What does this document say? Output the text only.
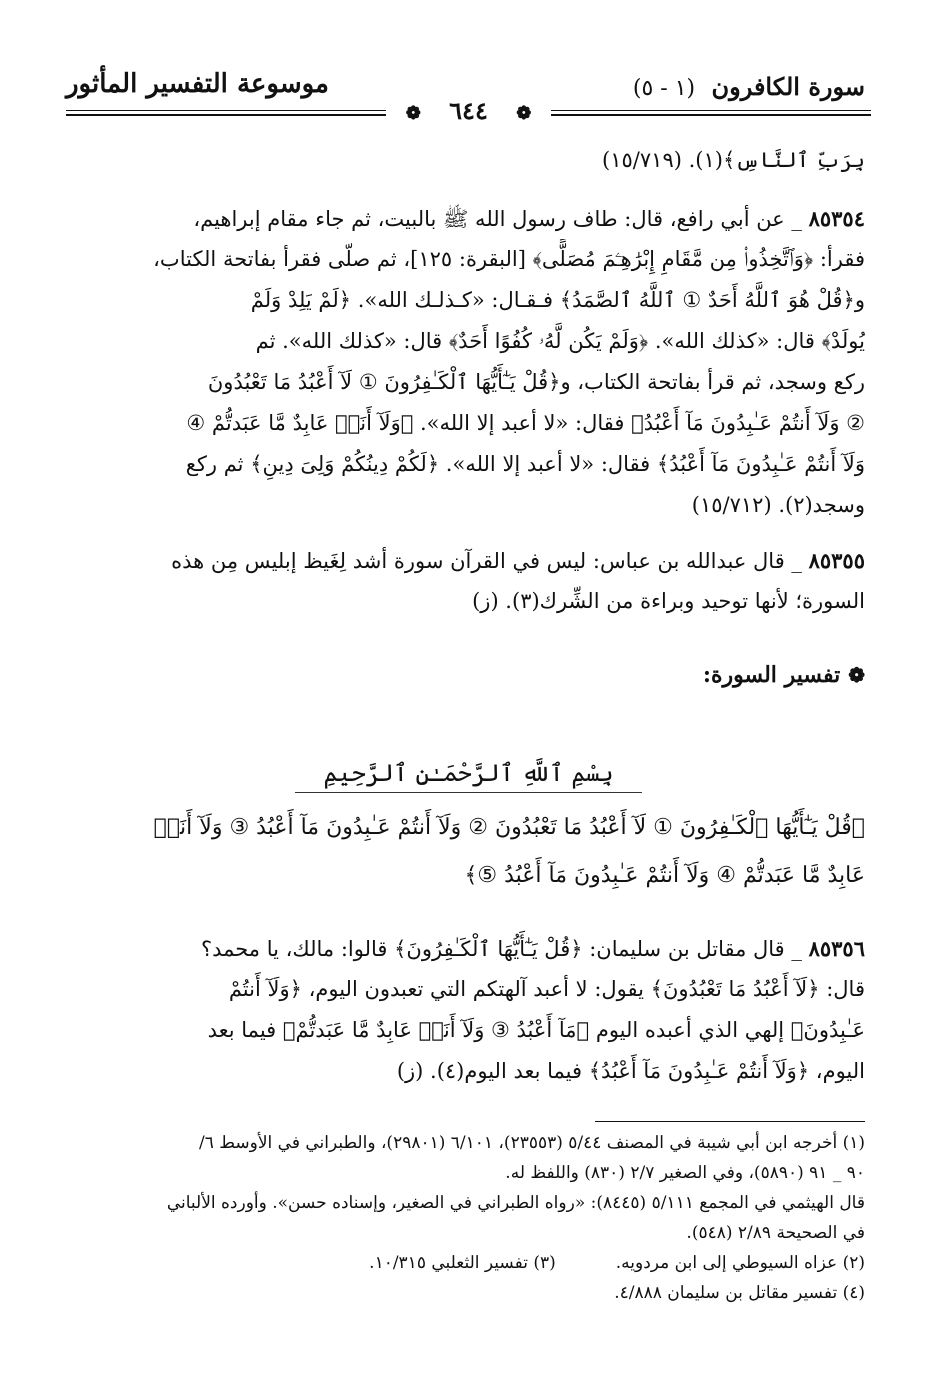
سورة الكافرون (١ - ٥)
موسوعة التفسير المأثور
❁ ٦٤٤ ❁
بِرَبِّ ٱلنَّاسِ﴾(١). (١٥/٧١٩)
٨٥٣٥٤ _ عن أبي رافع، قال: طاف رسول الله ﷺ بالبيت، ثم جاء مقام إبراهيم،
فقرأ: ﴿وَٱتَّخِذُوا۟ مِن مَّقَامِ إِبْرَٰهِـۧمَ مُصَلًّى﴾ [البقرة: ١٢٥]، ثم صلّى فقرأ بفاتحة الكتاب،
و﴿قُلْ هُوَ ٱللَّهُ أَحَدٌ ① ٱللَّهُ ٱلصَّمَدُ﴾ فـقـال: «كـذلـك الله». ﴿لَمْ يَلِدْ وَلَمْ
يُولَدْ﴾ قال: «كذلك الله». ﴿وَلَمْ يَكُن لَّهُۥ كُفُوًا أَحَدٌ﴾ قال: «كذلك الله». ثم
ركع وسجد، ثم قرأ بفاتحة الكتاب، و﴿قُلْ يَـٰٓأَيُّهَا ٱلْكَـٰفِرُونَ ① لَآ أَعْبُدُ مَا تَعْبُدُونَ
② وَلَآ أَنتُمْ عَـٰبِدُونَ مَآ أَعْبُدُ﴾ فقال: «لا أعبد إلا الله». ﴿وَلَآ أَنَا۠ عَابِدٌ مَّا عَبَدتُّمْ ④
وَلَآ أَنتُمْ عَـٰبِدُونَ مَآ أَعْبُدُ﴾ فقال: «لا أعبد إلا الله». ﴿لَكُمْ دِينُكُمْ وَلِىَ دِينِ﴾ ثم ركع
وسجد(٢). (١٥/٧١٢)
٨٥٣٥٥ _ قال عبدالله بن عباس: ليس في القرآن سورة أشد لِغَيظ إبليس مِن هذه
السورة؛ لأنها توحيد وبراءة من الشِّرك(٣). (ز)
❁تفسير السورة:
بِسْمِ ٱللَّهِ ٱلرَّحْمَـٰنِ ٱلرَّحِيمِ
﴿قُلْ يَـٰٓأَيُّهَا ٱلْكَـٰفِرُونَ ① لَآ أَعْبُدُ مَا تَعْبُدُونَ ② وَلَآ أَنتُمْ عَـٰبِدُونَ مَآ أَعْبُدُ ③ وَلَآ أَنَا۠
عَابِدٌ مَّا عَبَدتُّمْ ④ وَلَآ أَنتُمْ عَـٰبِدُونَ مَآ أَعْبُدُ ⑤﴾
٨٥٣٥٦ _ قال مقاتل بن سليمان: ﴿قُلْ يَـٰٓأَيُّهَا ٱلْكَـٰفِرُونَ﴾ قالوا: مالك، يا محمد؟
قال: ﴿لَآ أَعْبُدُ مَا تَعْبُدُونَ﴾ يقول: لا أعبد آلهتكم التي تعبدون اليوم، ﴿وَلَآ أَنتُمْ
عَـٰبِدُونَ﴾ إلهي الذي أعبده اليوم ﴿مَآ أَعْبُدُ ③ وَلَآ أَنَا۠ عَابِدٌ مَّا عَبَدتُّمْ﴾ فيما بعد
اليوم، ﴿وَلَآ أَنتُمْ عَـٰبِدُونَ مَآ أَعْبُدُ﴾ فيما بعد اليوم(٤). (ز)
(١) أخرجه ابن أبي شيبة في المصنف ٥/٤٤ (٢٣٥٥٣)، ٦/١٠١ (٢٩٨٠١)، والطبراني في الأوسط ٦/
٩٠ _ ٩١ (٥٨٩٠)، وفي الصغير ٢/٧ (٨٣٠) واللفظ له.
قال الهيثمي في المجمع ٥/١١١ (٨٤٤٥): «رواه الطبراني في الصغير، وإسناده حسن». وأورده الألباني
في الصحيحة ٢/٨٩ (٥٤٨).
(٢) عزاه السيوطي إلى ابن مردويه.
(٣) تفسير الثعلبي ١٠/٣١٥.
(٤) تفسير مقاتل بن سليمان ٤/٨٨٨.
